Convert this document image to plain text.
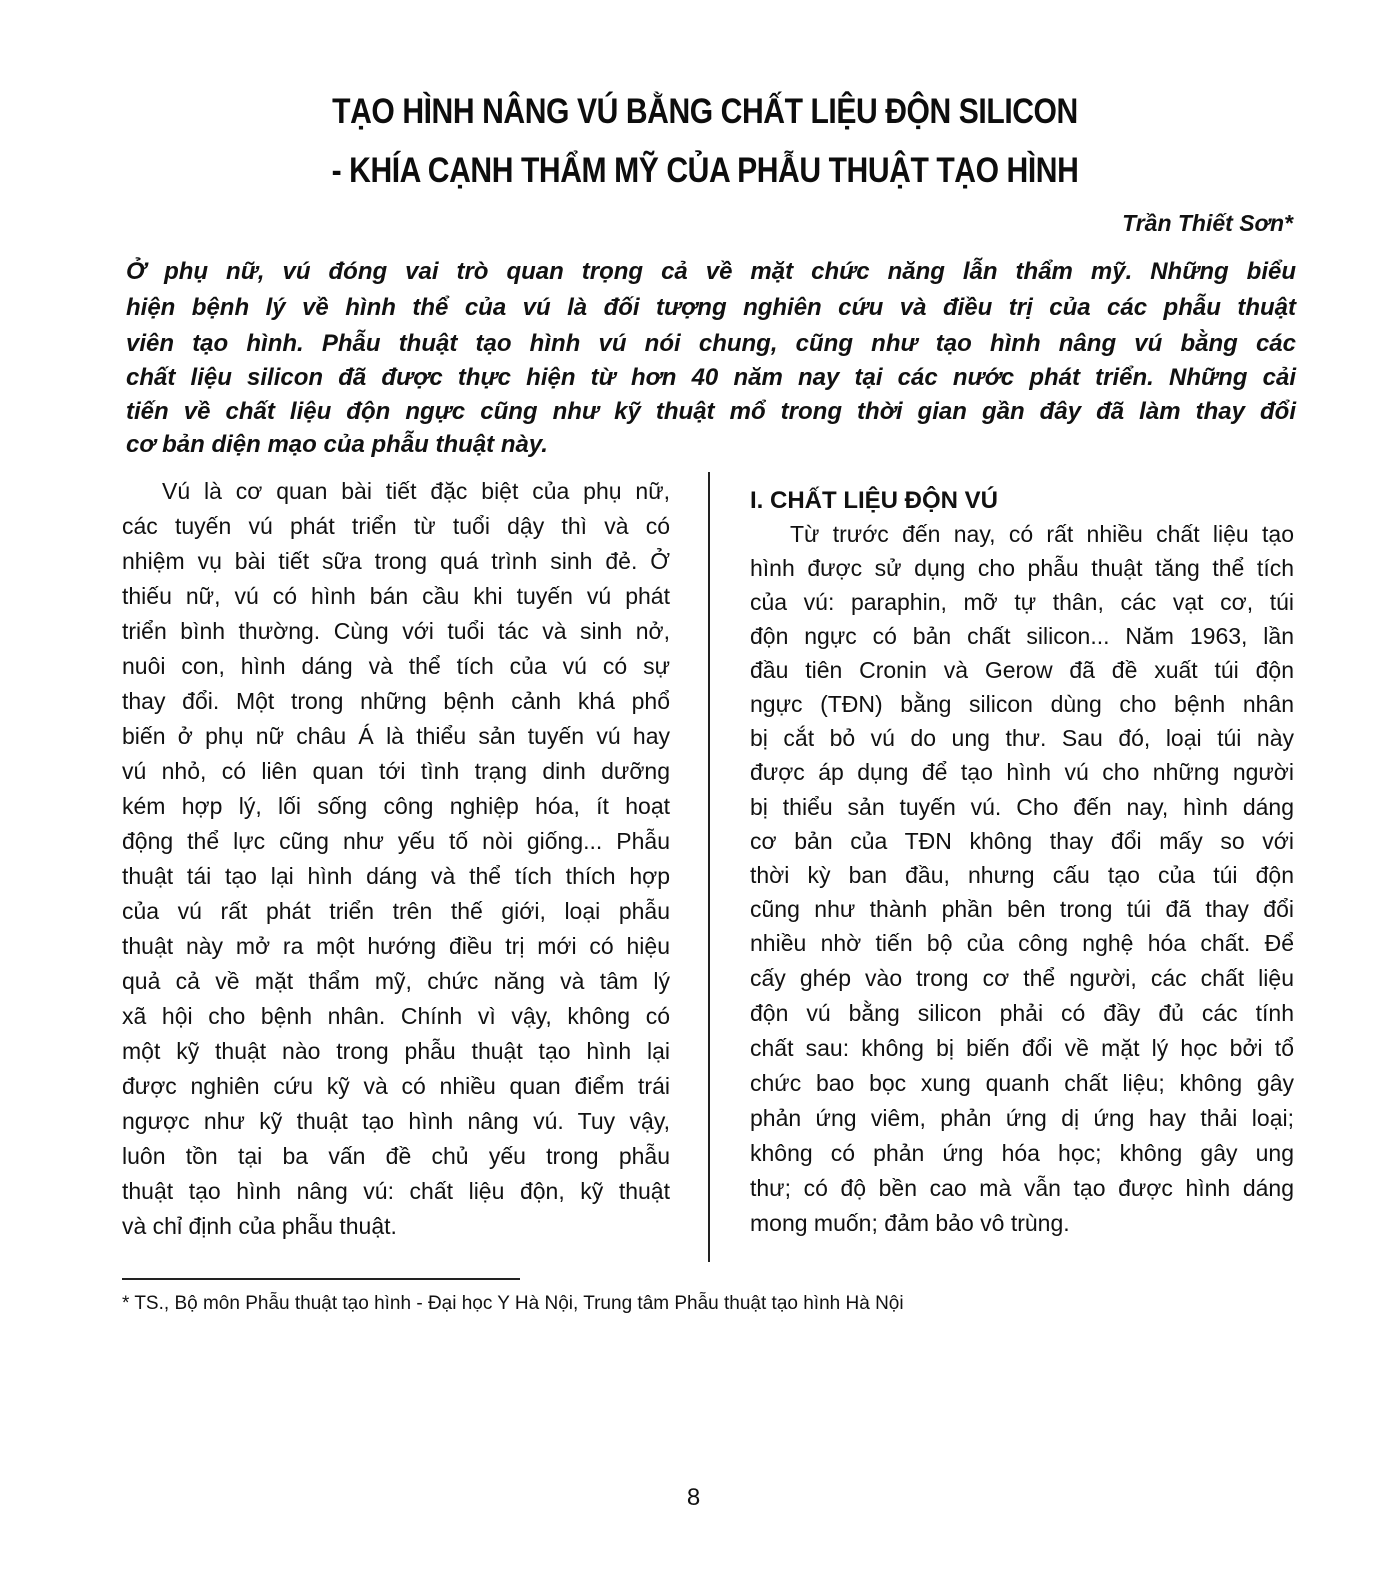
TẠO HÌNH NÂNG VÚ BẰNG CHẤT LIỆU ĐỘN SILICON
- KHÍA CẠNH THẨM MỸ CỦA PHẪU THUẬT TẠO HÌNH
Trần Thiết Sơn*
Ở phụ nữ, vú đóng vai trò quan trọng cả về mặt chức năng lẫn thẩm mỹ. Những biểu
hiện bệnh lý về hình thể của vú là đối tượng nghiên cứu và điều trị của các phẫu thuật
viên tạo hình. Phẫu thuật tạo hình vú nói chung, cũng như tạo hình nâng vú bằng các
chất liệu silicon đã được thực hiện từ hơn 40 năm nay tại các nước phát triển. Những cải
tiến về chất liệu độn ngực cũng như kỹ thuật mổ trong thời gian gần đây đã làm thay đổi
cơ bản diện mạo của phẫu thuật này.
Vú là cơ quan bài tiết đặc biệt của phụ nữ,
các tuyến vú phát triển từ tuổi dậy thì và có
nhiệm vụ bài tiết sữa trong quá trình sinh đẻ. Ở
thiếu nữ, vú có hình bán cầu khi tuyến vú phát
triển bình thường. Cùng với tuổi tác và sinh nở,
nuôi con, hình dáng và thể tích của vú có sự
thay đổi. Một trong những bệnh cảnh khá phổ
biến ở phụ nữ châu Á là thiểu sản tuyến vú hay
vú nhỏ, có liên quan tới tình trạng dinh dưỡng
kém hợp lý, lối sống công nghiệp hóa, ít hoạt
động thể lực cũng như yếu tố nòi giống... Phẫu
thuật tái tạo lại hình dáng và thể tích thích hợp
của vú rất phát triển trên thế giới, loại phẫu
thuật này mở ra một hướng điều trị mới có hiệu
quả cả về mặt thẩm mỹ, chức năng và tâm lý
xã hội cho bệnh nhân. Chính vì vậy, không có
một kỹ thuật nào trong phẫu thuật tạo hình lại
được nghiên cứu kỹ và có nhiều quan điểm trái
ngược như kỹ thuật tạo hình nâng vú. Tuy vậy,
luôn tồn tại ba vấn đề chủ yếu trong phẫu
thuật tạo hình nâng vú: chất liệu độn, kỹ thuật
và chỉ định của phẫu thuật.
I. CHẤT LIỆU ĐỘN VÚ
Từ trước đến nay, có rất nhiều chất liệu tạo
hình được sử dụng cho phẫu thuật tăng thể tích
của vú: paraphin, mỡ tự thân, các vạt cơ, túi
độn ngực có bản chất silicon... Năm 1963, lần
đầu tiên Cronin và Gerow đã đề xuất túi độn
ngực (TĐN) bằng silicon dùng cho bệnh nhân
bị cắt bỏ vú do ung thư. Sau đó, loại túi này
được áp dụng để tạo hình vú cho những người
bị thiểu sản tuyến vú. Cho đến nay, hình dáng
cơ bản của TĐN không thay đổi mấy so với
thời kỳ ban đầu, nhưng cấu tạo của túi độn
cũng như thành phần bên trong túi đã thay đổi
nhiều nhờ tiến bộ của công nghệ hóa chất. Để
cấy ghép vào trong cơ thể người, các chất liệu
độn vú bằng silicon phải có đầy đủ các tính
chất sau: không bị biến đổi về mặt lý học bởi tổ
chức bao bọc xung quanh chất liệu; không gây
phản ứng viêm, phản ứng dị ứng hay thải loại;
không có phản ứng hóa học; không gây ung
thư; có độ bền cao mà vẫn tạo được hình dáng
mong muốn; đảm bảo vô trùng.
* TS., Bộ môn Phẫu thuật tạo hình - Đại học Y Hà Nội, Trung tâm Phẫu thuật tạo hình Hà Nội
8
